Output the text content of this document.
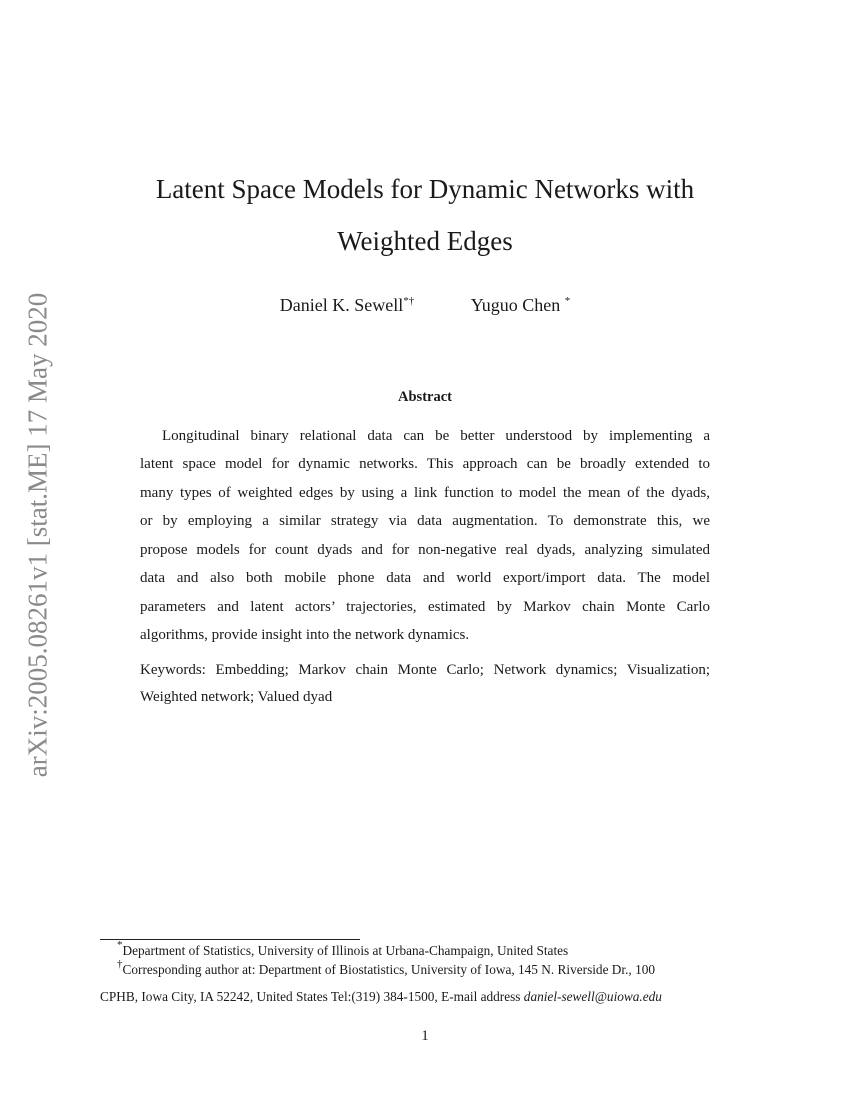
arXiv:2005.08261v1 [stat.ME] 17 May 2020
Latent Space Models for Dynamic Networks with
Weighted Edges
Daniel K. Sewell*†	Yuguo Chen *
Abstract
Longitudinal binary relational data can be better understood by implementing a
latent space model for dynamic networks. This approach can be broadly extended to
many types of weighted edges by using a link function to model the mean of the dyads,
or by employing a similar strategy via data augmentation. To demonstrate this, we
propose models for count dyads and for non-negative real dyads, analyzing simulated
data and also both mobile phone data and world export/import data. The model
parameters and latent actors’ trajectories, estimated by Markov chain Monte Carlo
algorithms, provide insight into the network dynamics.
Keywords: Embedding; Markov chain Monte Carlo; Network dynamics; Visualization;
Weighted network; Valued dyad
*Department of Statistics, University of Illinois at Urbana-Champaign, United States
†Corresponding author at: Department of Biostatistics, University of Iowa, 145 N. Riverside Dr., 100
CPHB, Iowa City, IA 52242, United States Tel:(319) 384-1500, E-mail address daniel-sewell@uiowa.edu
1
